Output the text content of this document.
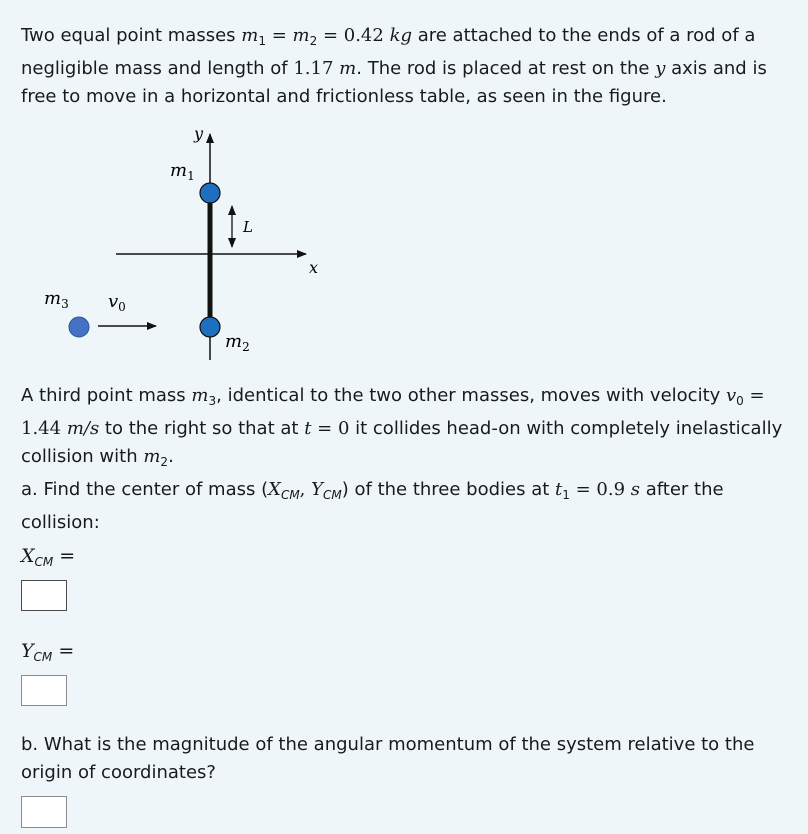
Two equal point masses $m_1 = m_2 = 0.42$ kg are attached to the ends of a rod of a negligible mass and length of 1.17 m. The rod is placed at rest on the y axis and is free to move in a horizontal and frictionless table, as seen in the figure.

y
x
$m_1$
$m_2$
L
$m_3$ $v_0$

A third point mass $m_3$, identical to the two other masses, moves with velocity $v_0 = 1.44$ m/s to the right so that at t = 0 it collides head-on with completely inelastically collision with $m_2$.

a. Find the center of mass ($X_{CM}$, $Y_{CM}$) of the three bodies at $t_1 = 0.9$ s after the collision:

$X_{CM}$ =
$Y_{CM}$ =

b. What is the magnitude of the angular momentum of the system relative to the origin of coordinates?
